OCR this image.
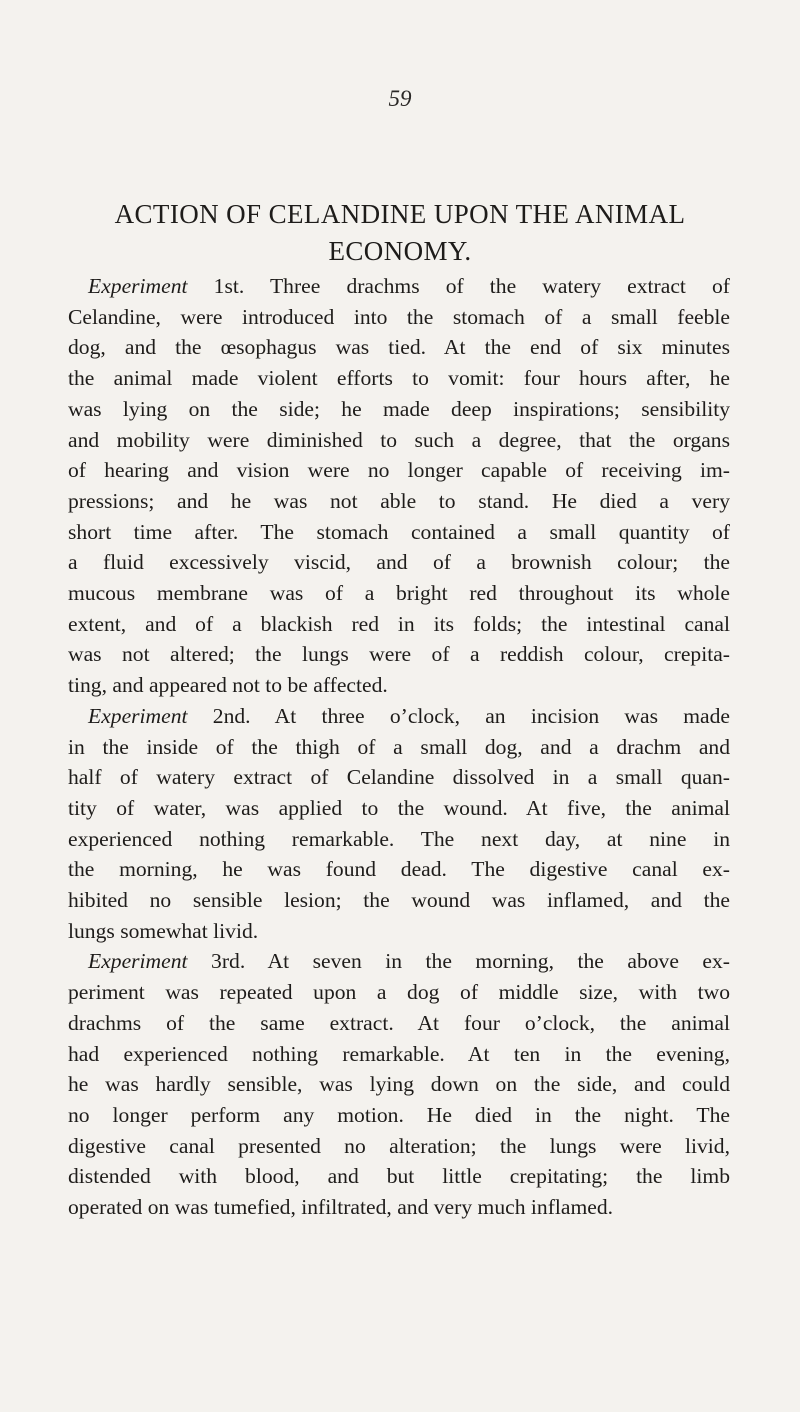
59
ACTION OF CELANDINE UPON THE ANIMAL
ECONOMY.
Experiment 1st. Three drachms of the watery extract of
Celandine, were introduced into the stomach of a small feeble
dog, and the œsophagus was tied. At the end of six minutes
the animal made violent efforts to vomit: four hours after, he
was lying on the side; he made deep inspirations; sensibility
and mobility were diminished to such a degree, that the organs
of hearing and vision were no longer capable of receiving im-
pressions; and he was not able to stand. He died a very
short time after. The stomach contained a small quantity of
a fluid excessively viscid, and of a brownish colour; the
mucous membrane was of a bright red throughout its whole
extent, and of a blackish red in its folds; the intestinal canal
was not altered; the lungs were of a reddish colour, crepita-
ting, and appeared not to be affected.
Experiment 2nd. At three o’clock, an incision was made
in the inside of the thigh of a small dog, and a drachm and
half of watery extract of Celandine dissolved in a small quan-
tity of water, was applied to the wound. At five, the animal
experienced nothing remarkable. The next day, at nine in
the morning, he was found dead. The digestive canal ex-
hibited no sensible lesion; the wound was inflamed, and the
lungs somewhat livid.
Experiment 3rd. At seven in the morning, the above ex-
periment was repeated upon a dog of middle size, with two
drachms of the same extract. At four o’clock, the animal
had experienced nothing remarkable. At ten in the evening,
he was hardly sensible, was lying down on the side, and could
no longer perform any motion. He died in the night. The
digestive canal presented no alteration; the lungs were livid,
distended with blood, and but little crepitating; the limb
operated on was tumefied, infiltrated, and very much inflamed.
